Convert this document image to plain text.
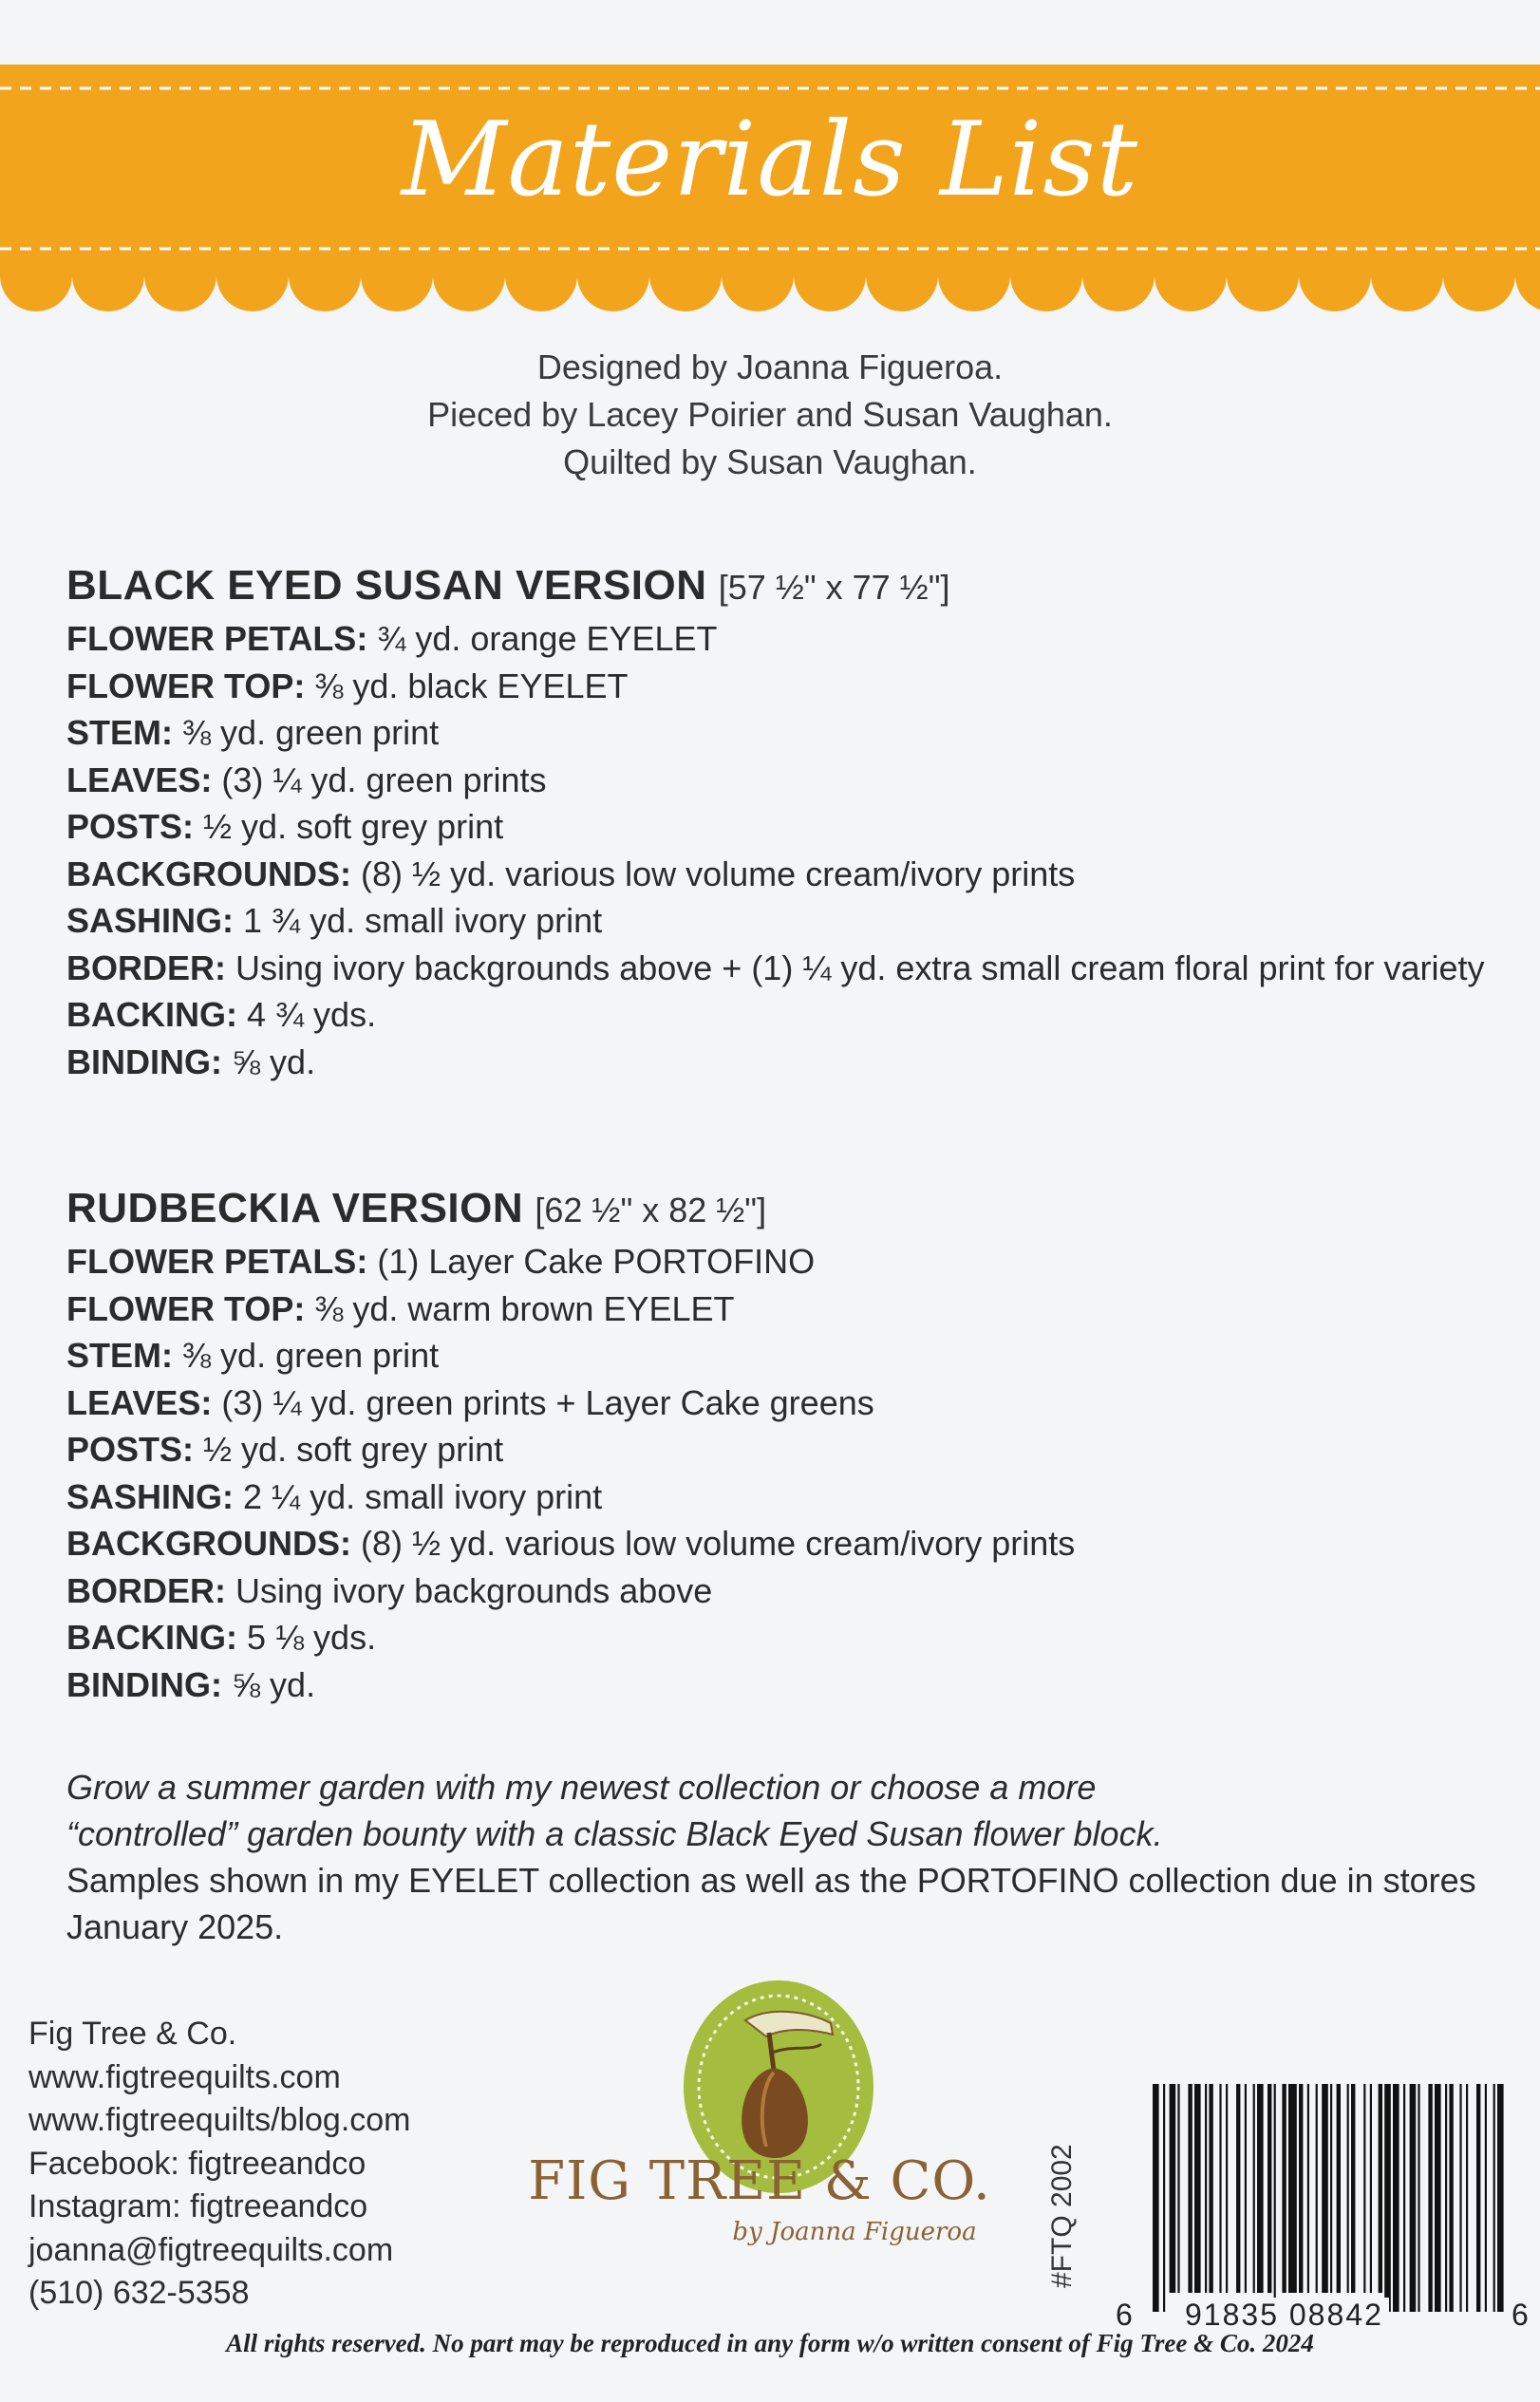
Materials List
Designed by Joanna Figueroa.
Pieced by Lacey Poirier and Susan Vaughan.
Quilted by Susan Vaughan.
BLACK EYED SUSAN VERSION [57 ½" x 77 ½"]
FLOWER PETALS: ¾ yd. orange EYELET
FLOWER TOP: ⅜ yd. black EYELET
STEM: ⅜ yd. green print
LEAVES: (3) ¼ yd. green prints
POSTS: ½ yd. soft grey print
BACKGROUNDS: (8) ½ yd. various low volume cream/ivory prints
SASHING: 1 ¾ yd. small ivory print
BORDER: Using ivory backgrounds above + (1) ¼ yd. extra small cream floral print for variety
BACKING: 4 ¾ yds.
BINDING: ⅝ yd.
RUDBECKIA VERSION [62 ½" x 82 ½"]
FLOWER PETALS: (1) Layer Cake PORTOFINO
FLOWER TOP: ⅜ yd. warm brown EYELET
STEM: ⅜ yd. green print
LEAVES: (3) ¼ yd. green prints + Layer Cake greens
POSTS: ½ yd. soft grey print
SASHING: 2 ¼ yd. small ivory print
BACKGROUNDS: (8) ½ yd. various low volume cream/ivory prints
BORDER: Using ivory backgrounds above
BACKING: 5 ⅛ yds.
BINDING: ⅝ yd.
Grow a summer garden with my newest collection or choose a more
“controlled” garden bounty with a classic Black Eyed Susan flower block.
Samples shown in my EYELET collection as well as the PORTOFINO collection due in stores January 2025.
Fig Tree & Co.
www.figtreequilts.com
www.figtreequilts/blog.com
Facebook: figtreeandco
Instagram: figtreeandco
joanna@figtreequilts.com
(510) 632-5358
FIG TREE & CO.
by Joanna Figueroa	#FTQ 2002
6 91835 08842	6
All rights reserved. No part may be reproduced in any form w/o written consent of Fig Tree & Co. 2024
